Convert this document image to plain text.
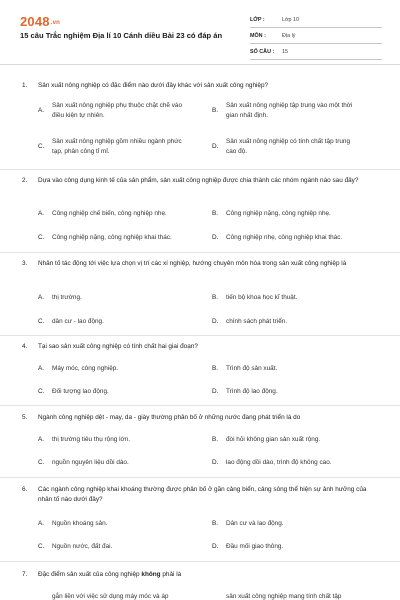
2048.vn
15 câu Trắc nghiệm Địa lí 10 Cánh diều Bài 23 có đáp án
LỚP :	Lớp 10
MÔN :	Địa lý
SỐ CÂU :	15
1.	Sản xuất nông nghiệp có đặc điểm nào dưới đây khác với sản xuất công nghiệp?
A.
Sản xuất nông nghiệp phụ thuộc chặt chẽ vào điều kiện tự nhiên.
B.
Sản xuất nông nghiệp tập trung vào một thời gian nhất định.
C.
Sản xuất nông nghiệp gồm nhiều ngành phức tạp, phân công tỉ mỉ.
D.
Sản xuất nông nghiệp có tính chất tập trung cao độ.
2.	Dựa vào công dụng kinh tế của sản phẩm, sản xuất công nghiệp được chia thành các nhóm ngành nào sau đây?
A.	Công nghiệp chế biến, công nghiệp nhẹ.	B.	Công nghiệp nặng, công nghiệp nhẹ.
C.	Công nghiệp nặng, công nghiệp khai thác.	D.	Công nghiệp nhẹ, công nghiệp khai thác.
3.	Nhân tố tác động tới việc lựa chọn vị trí các xí nghiệp, hướng chuyên môn hóa trong sản xuất công nghiệp là
A.	thị trường.	B.	tiến bộ khoa học kĩ thuật.
C.	dân cư - lao động.	D.	chính sách phát triển.
4.	Tại sao sản xuất công nghiệp có tính chất hai giai đoạn?
A.	Máy móc, công nghiệp.	B.	Trình độ sản xuất.
C.	Đối tượng lao động.	D.	Trình độ lao động.
5.	Ngành công nghiệp dệt - may, da - giày thường phân bố ở những nước đang phát triển là do
A.	thị trường tiêu thụ rộng lớn.	B.	đòi hỏi không gian sản xuất rộng.
C.	nguồn nguyên liệu dồi dào.	D.	lao động dồi dào, trình độ không cao.
6.	Các ngành công nghiệp khai khoáng thường được phân bố ở gần cảng biển, cảng sông thể hiện sự ảnh hưởng của nhân tố nào dưới đây?
A.	Nguồn khoáng sản.	B.	Dân cư và lao động.
C.	Nguồn nước, đất đai.	D.	Đầu mối giao thông.
7.	Đặc điểm sản xuất của công nghiệp không phải là
gắn liền với việc sử dụng máy móc và áp	sản xuất công nghiệp mang tính chất tập
